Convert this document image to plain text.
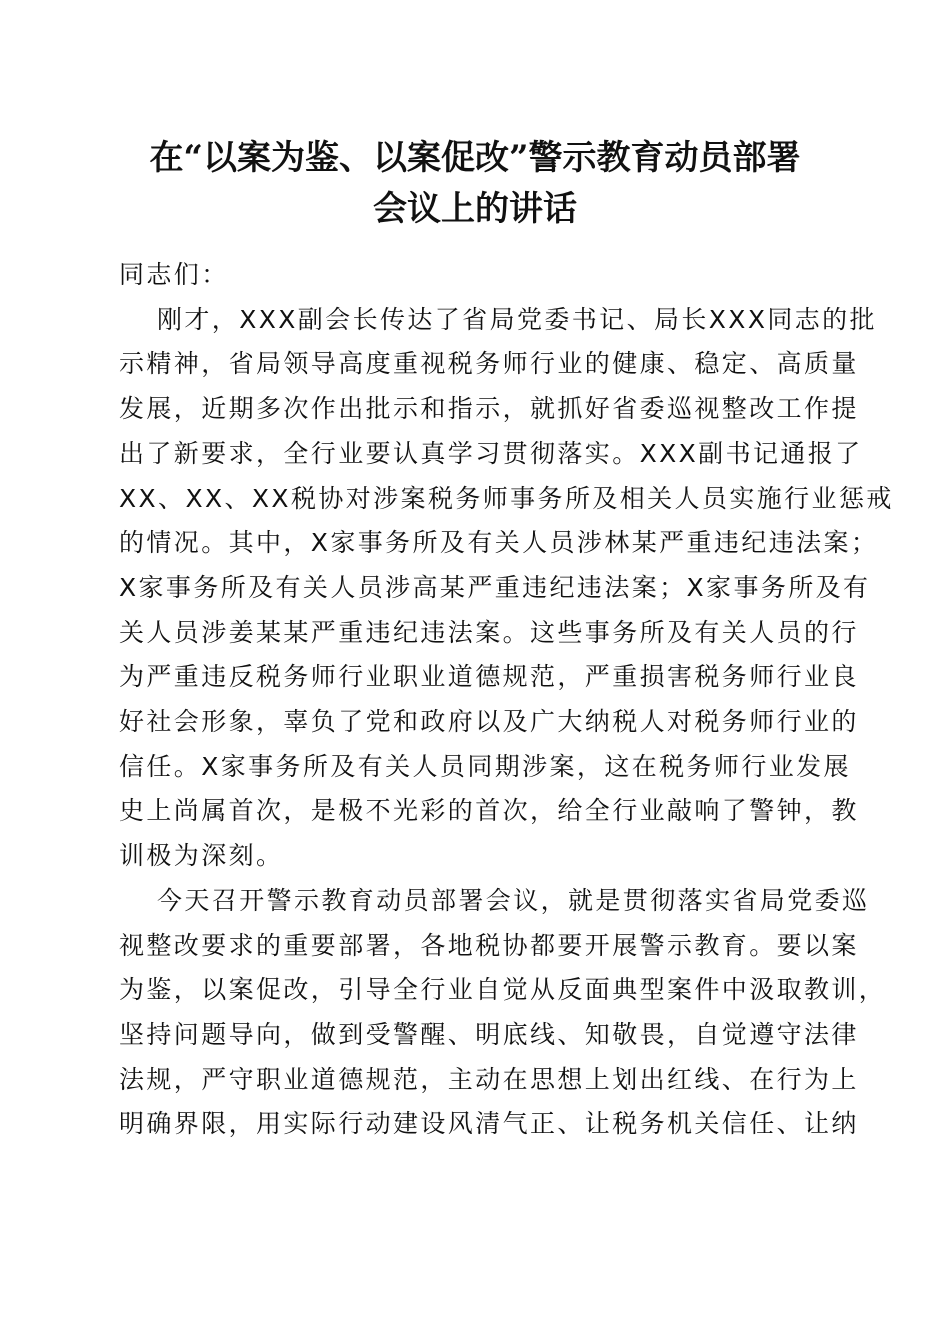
在“以案为鉴、以案促改”警示教育动员部署
会议上的讲话

同志们：

刚才，XXX副会长传达了省局党委书记、局长XXX同志的批
示精神，省局领导高度重视税务师行业的健康、稳定、高质量
发展，近期多次作出批示和指示，就抓好省委巡视整改工作提
出了新要求，全行业要认真学习贯彻落实。XXX副书记通报了
XX、XX、XX税协对涉案税务师事务所及相关人员实施行业惩戒
的情况。其中，X家事务所及有关人员涉林某严重违纪违法案；
X家事务所及有关人员涉高某严重违纪违法案；X家事务所及有
关人员涉姜某某严重违纪违法案。这些事务所及有关人员的行
为严重违反税务师行业职业道德规范，严重损害税务师行业良
好社会形象，辜负了党和政府以及广大纳税人对税务师行业的
信任。X家事务所及有关人员同期涉案，这在税务师行业发展
史上尚属首次，是极不光彩的首次，给全行业敲响了警钟，教
训极为深刻。

今天召开警示教育动员部署会议，就是贯彻落实省局党委巡
视整改要求的重要部署，各地税协都要开展警示教育。要以案
为鉴，以案促改，引导全行业自觉从反面典型案件中汲取教训，
坚持问题导向，做到受警醒、明底线、知敬畏，自觉遵守法律
法规，严守职业道德规范，主动在思想上划出红线、在行为上
明确界限，用实际行动建设风清气正、让税务机关信任、让纳
